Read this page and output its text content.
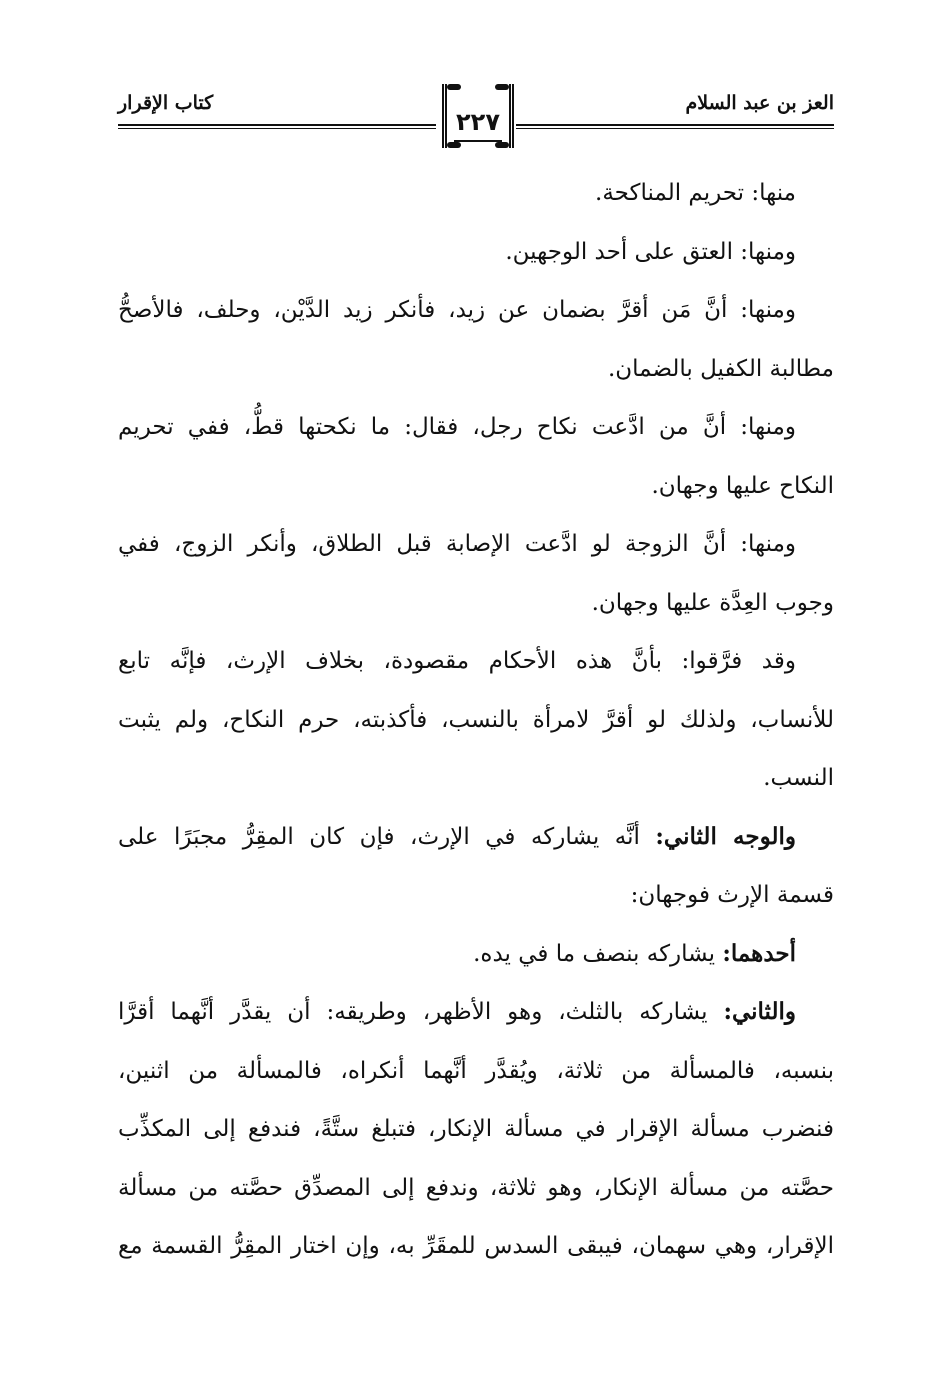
العز بن عبد السلام
كتاب الإقرار
٢٢٧
منها: تحريم المناكحة.
ومنها: العتق على أحد الوجهين.
ومنها: أنَّ مَن أقرَّ بضمان عن زيد، فأنكر زيد الدَّيْن، وحلف، فالأصحُّ
مطالبة الكفيل بالضمان.
ومنها: أنَّ من ادَّعت نكاح رجل، فقال: ما نكحتها قطُّ، ففي تحريم
النكاح عليها وجهان.
ومنها: أنَّ الزوجة لو ادَّعت الإصابة قبل الطلاق، وأنكر الزوج، ففي
وجوب العِدَّة عليها وجهان.
وقد فرَّقوا: بأنَّ هذه الأحكام مقصودة، بخلاف الإرث، فإنَّه تابع
للأنساب، ولذلك لو أقرَّ لامرأة بالنسب، فأكذبته، حرم النكاح، ولم يثبت
النسب.
والوجه الثاني: أنَّه يشاركه في الإرث، فإن كان المقِرُّ مجبَرًا على
قسمة الإرث فوجهان:
أحدهما: يشاركه بنصف ما في يده.
والثاني: يشاركه بالثلث، وهو الأظهر، وطريقه: أن يقدَّر أنَّهما أقرَّا
بنسبه، فالمسألة من ثلاثة، ويُقدَّر أنَّهما أنكراه، فالمسألة من اثنين،
فنضرب مسألة الإقرار في مسألة الإنكار، فتبلغ ستَّةً، فندفع إلى المكذِّب
حصَّته من مسألة الإنكار، وهو ثلاثة، وندفع إلى المصدِّق حصَّته من مسألة
الإقرار، وهي سهمان، فيبقى السدس للمقَرِّ به، وإن اختار المقِرُّ القسمة مع
